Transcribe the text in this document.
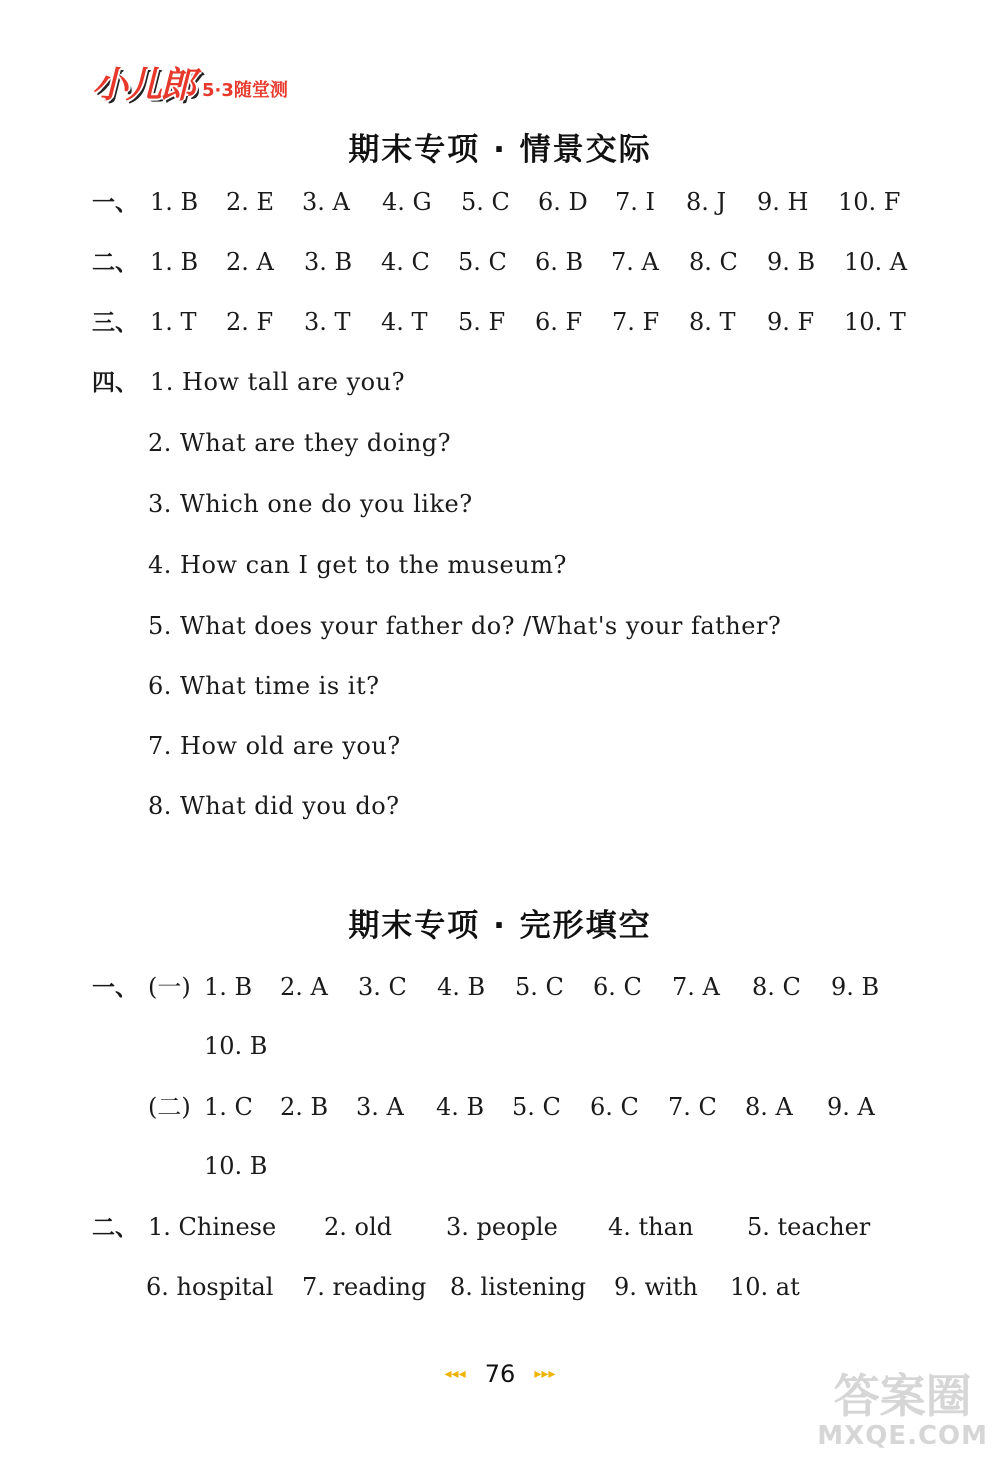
小儿郎 5·3随堂测
期末专项 · 情景交际
一、 1. B 2. E 3. A 4. G 5. C 6. D 7. I 8. J 9. H 10. F
二、 1. B 2. A 3. B 4. C 5. C 6. B 7. A 8. C 9. B 10. A
三、 1. T 2. F 3. T 4. T 5. F 6. F 7. F 8. T 9. F 10. T
四、 1. How tall are you?
2. What are they doing?
3. Which one do you like?
4. How can I get to the museum?
5. What does your father do? /What's your father?
6. What time is it?
7. How old are you?
8. What did you do?
期末专项 · 完形填空
一、 (一) 1. B 2. A 3. C 4. B 5. C 6. C 7. A 8. C 9. B
10. B
(二) 1. C 2. B 3. A 4. B 5. C 6. C 7. C 8. A 9. A
10. B
二、 1. Chinese 2. old 3. people 4. than 5. teacher
6. hospital 7. reading 8. listening 9. with 10. at
◂◂◂ 76 ▸▸▸	答案圈
MXQE.COM
